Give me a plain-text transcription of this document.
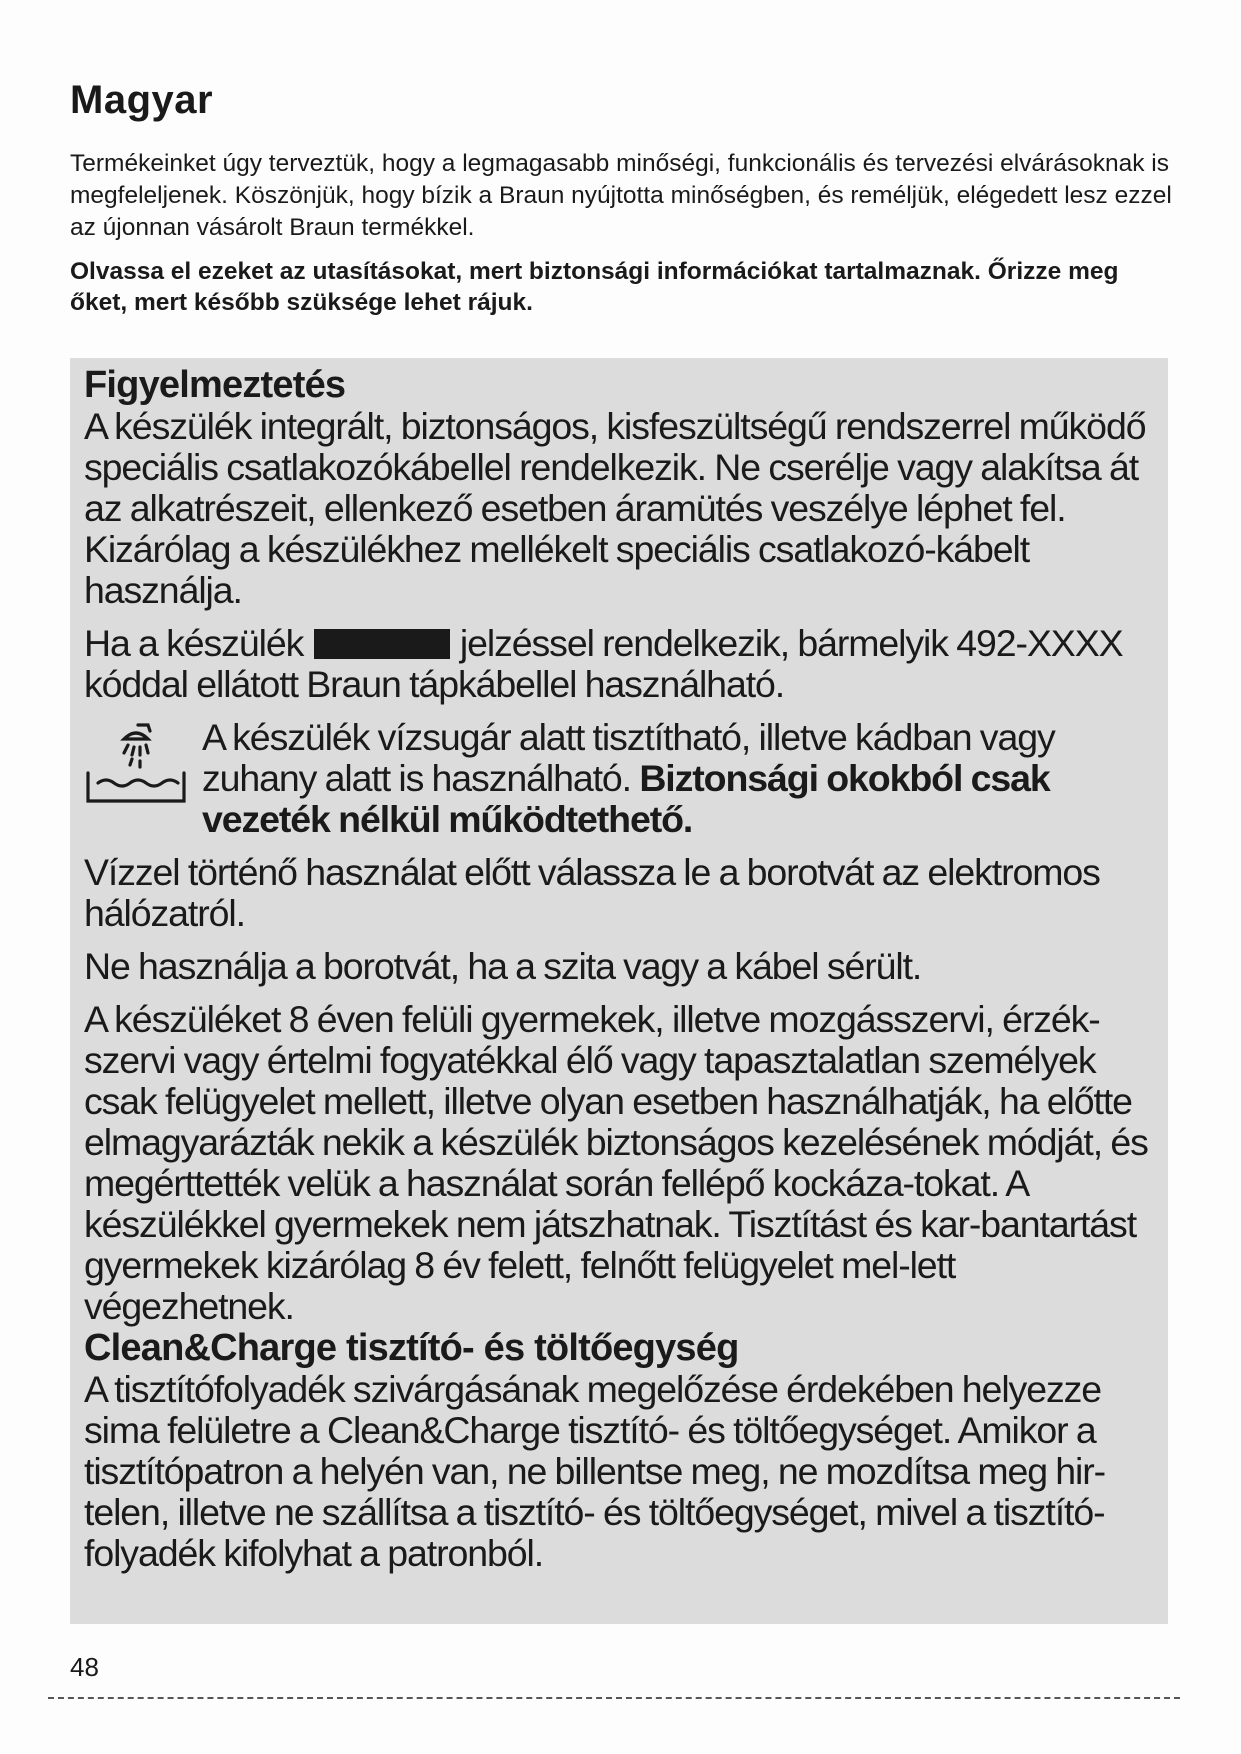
Magyar

Termékeinket úgy terveztük, hogy a legmagasabb minőségi, funkcionális és tervezési elvárásoknak is megfeleljenek. Köszönjük, hogy bízik a Braun nyújtotta minőségben, és reméljük, elégedett lesz ezzel az újonnan vásárolt Braun termékkel.

Olvassa el ezeket az utasításokat, mert biztonsági információkat tartalmaznak. Őrizze meg őket, mert később szüksége lehet rájuk.

Figyelmeztetés

A készülék integrált, biztonságos, kisfeszültségű rendszerrel működő speciális csatlakozókábellel rendelkezik. Ne cserélje vagy alakítsa át az alkatrészeit, ellenkező esetben áramütés veszélye léphet fel. Kizárólag a készülékhez mellékelt speciális csatlakozó-kábelt használja.

Ha a készülék	jelzéssel rendelkezik, bármelyik 492-XXXX kóddal ellátott Braun tápkábellel használható.

A készülék vízsugár alatt tisztítható, illetve kádban vagy zuhany alatt is használható. Biztonsági okokból csak vezeték nélkül működtethető.

Vízzel történő használat előtt válassza le a borotvát az elektromos hálózatról.

Ne használja a borotvát, ha a szita vagy a kábel sérült.

A készüléket 8 éven felüli gyermekek, illetve mozgásszervi, érzék-szervi vagy értelmi fogyatékkal élő vagy tapasztalatlan személyek csak felügyelet mellett, illetve olyan esetben használhatják, ha előtte elmagyarázták nekik a készülék biztonságos kezelésének módját, és megérttették velük a használat során fellépő kockáza-tokat. A készülékkel gyermekek nem játszhatnak. Tisztítást és kar-bantartást gyermekek kizárólag 8 év felett, felnőtt felügyelet mel-lett végezhetnek.

Clean&Charge tisztító- és töltőegység

A tisztítófolyadék szivárgásának megelőzése érdekében helyezze sima felületre a Clean&Charge tisztító- és töltőegységet. Amikor a tisztítópatron a helyén van, ne billentse meg, ne mozdítsa meg hir-telen, illetve ne szállítsa a tisztító- és töltőegységet, mivel a tisztító-folyadék kifolyhat a patronból.

48
